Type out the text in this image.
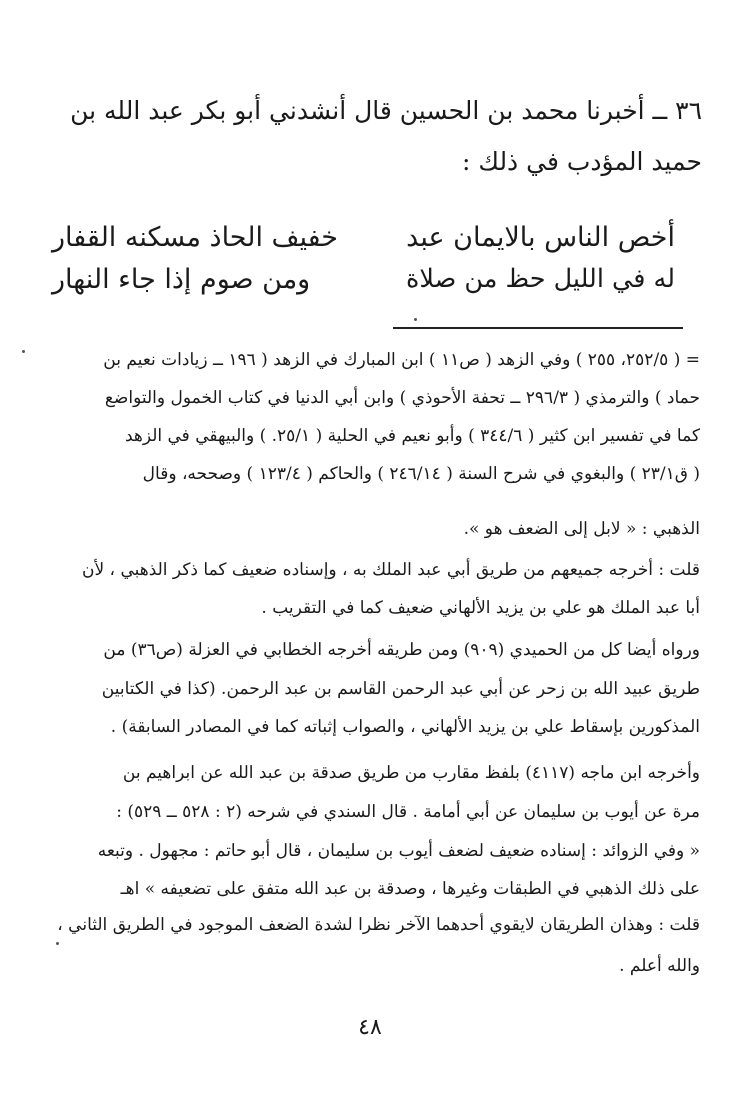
٣٦ ــ أخبرنا محمد بن الحسين قال أنشدني أبو بكر عبد الله بن
حميد المؤدب في ذلك :
أخص الناس بالايمان عبد
خفيف الحاذ مسكنه القفار
له في الليل حظ من صلاة
ومن صوم إذا جاء النهار
= ( ٢٥٢/٥، ٢٥٥ ) وفي الزهد ( ص١١ ) ابن المبارك في الزهد ( ١٩٦ ــ زيادات نعيم بن
حماد ) والترمذي ( ٢٩٦/٣ ــ تحفة الأحوذي ) وابن أبي الدنيا في كتاب الخمول والتواضع
كما في تفسير ابن كثير ( ٣٤٤/٦ ) وأبو نعيم في الحلية ( ٢٥/١. ) والبيهقي في الزهد
( ق٢٣/١ ) والبغوي في شرح السنة ( ٢٤٦/١٤ ) والحاكم ( ١٢٣/٤ ) وصححه، وقال
الذهبي : « لابل إلى الضعف هو ».
قلت : أخرجه جميعهم من طريق أبي عبد الملك به ، وإسناده ضعيف كما ذكر الذهبي ، لأن
أبا عبد الملك هو علي بن يزيد الألهاني ضعيف كما في التقريب .
ورواه أيضا كل من الحميدي (٩٠٩) ومن طريقه أخرجه الخطابي في العزلة (ص٣٦) من
طريق عبيد الله بن زحر عن أبي عبد الرحمن القاسم بن عبد الرحمن. (كذا في الكتابين
المذكورين بإسقاط علي بن يزيد الألهاني ، والصواب إثباته كما في المصادر السابقة) .
وأخرجه ابن ماجه (٤١١٧) بلفظ مقارب من طريق صدقة بن عبد الله عن ابراهيم بن
مرة عن أيوب بن سليمان عن أبي أمامة . قال السندي في شرحه (٢ : ٥٢٨ ــ ٥٢٩) :
« وفي الزوائد : إسناده ضعيف لضعف أيوب بن سليمان ، قال أبو حاتم : مجهول . وتبعه
على ذلك الذهبي في الطبقات وغيرها ، وصدقة بن عبد الله متفق على تضعيفه » اهـ
قلت : وهذان الطريقان لايقوي أحدهما الآخر نظرا لشدة الضعف الموجود في الطريق الثاني ،
والله أعلم .
٤٨
